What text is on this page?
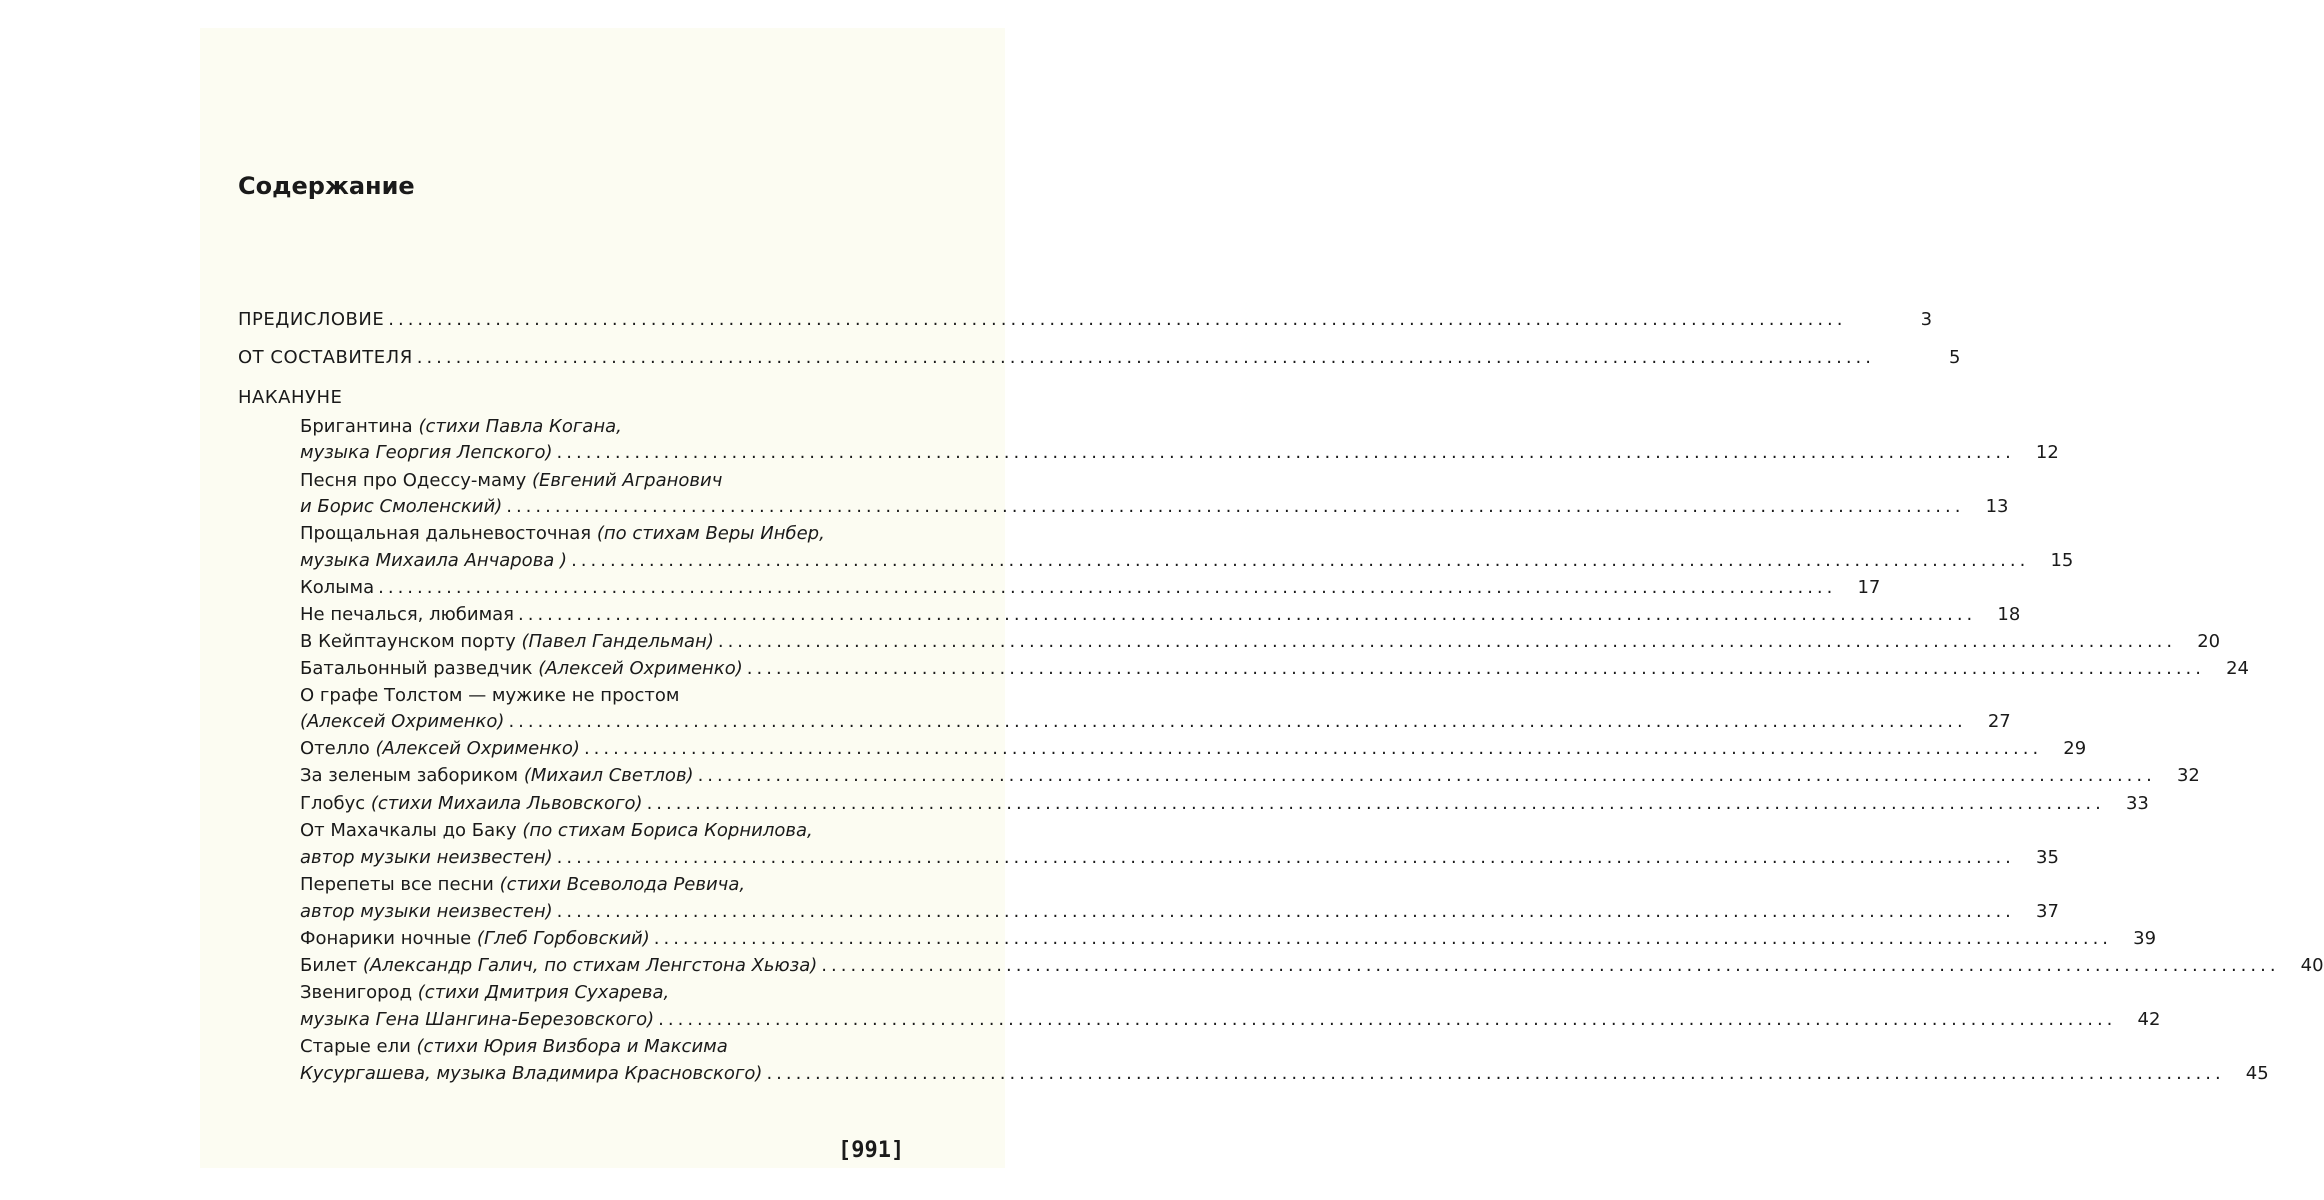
Содержание
ПРЕДИСЛОВИЕ ......................................................................................................................................................	3
ОТ СОСТАВИТЕЛЯ ......................................................................................................................................................	5
НАКАНУНЕ
Бригантина (стихи Павла Когана,
музыка Георгия Лепского) ......................................................................................................................................................	12
Песня про Одессу-маму (Евгений Агранович
и Борис Смоленский) ......................................................................................................................................................	13
Прощальная дальневосточная (по стихам Веры Инбер,
музыка Михаила Анчарова ) ......................................................................................................................................................	15
Колыма ......................................................................................................................................................	17
Не печалься, любимая ......................................................................................................................................................	18
В Кейптаунском порту (Павел Гандельман) ......................................................................................................................................................	20
Батальонный разведчик (Алексей Охрименко) ......................................................................................................................................................	24
О графе Толстом — мужике не простом
(Алексей Охрименко) ......................................................................................................................................................	27
Отелло (Алексей Охрименко) ......................................................................................................................................................	29
За зеленым заборикoм (Михаил Светлов) ......................................................................................................................................................	32
Глобус (стихи Михаила Львовского) ......................................................................................................................................................	33
От Махачкалы до Баку (по стихам Бориса Корнилова,
автор музыки неизвестен) ......................................................................................................................................................	35
Перепеты все песни (стихи Всеволода Ревича,
автор музыки неизвестен) ......................................................................................................................................................	37
Фонарики ночные (Глеб Горбовский) ......................................................................................................................................................	39
Билет (Александр Галич, по стихам Ленгстона Хьюза) ......................................................................................................................................................	40
Звенигород (стихи Дмитрия Сухарева,
музыка Гена Шангина-Березовского) ......................................................................................................................................................	42
Старые ели (стихи Юрия Визбора и Максима
Кусургашева, музыка Владимира Красновского) ......................................................................................................................................................	45
[991]
